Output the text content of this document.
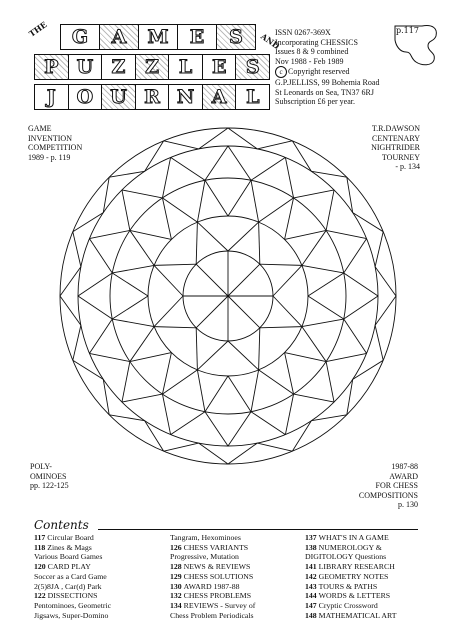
THE
AND
G	A	M	E	S
P U Z	Z	L	E	S
J	O U R N A	L
ISSN 0267-369X
Incorporating CHESSICS
Issues 8 & 9 combined
Nov 1988 - Feb 1989
c Copyright reserved
G.P.JELLISS, 99 Bohemia Road
St Leonards on Sea, TN37 6RJ
Subscription £6 per year.
p.117
GAME
INVENTION
COMPETITION
1989 - p. 119
T.R.DAWSON
CENTENARY
NIGHTRIDER
TOURNEY
- p. 134
POLY-
OMINOES
pp. 122-125
1987-88
AWARD
FOR CHESS
COMPOSITIONS
p. 130
Contents
117 Circular Board
118 Zines & Mags
Various Board Games
120 CARD PLAY
Soccer as a Card Game
2(5)8JA , Car(d) Park
122 DISSECTIONS
Pentominoes, Geometric
Jigsaws, Super-Domino
Tangram, Hexominoes
126 CHESS VARIANTS
Progressive, Mutation
128 NEWS & REVIEWS
129 CHESS SOLUTIONS
130 AWARD 1987-88
132 CHESS PROBLEMS
134 REVIEWS - Survey of
Chess Problem Periodicals
137 WHAT'S IN A GAME
138 NUMEROLOGY &
DIGITOLOGY Questions
141 LIBRARY RESEARCH
142 GEOMETRY NOTES
143 TOURS & PATHS
144 WORDS & LETTERS
147 Cryptic Crossword
148 MATHEMATICAL ART
